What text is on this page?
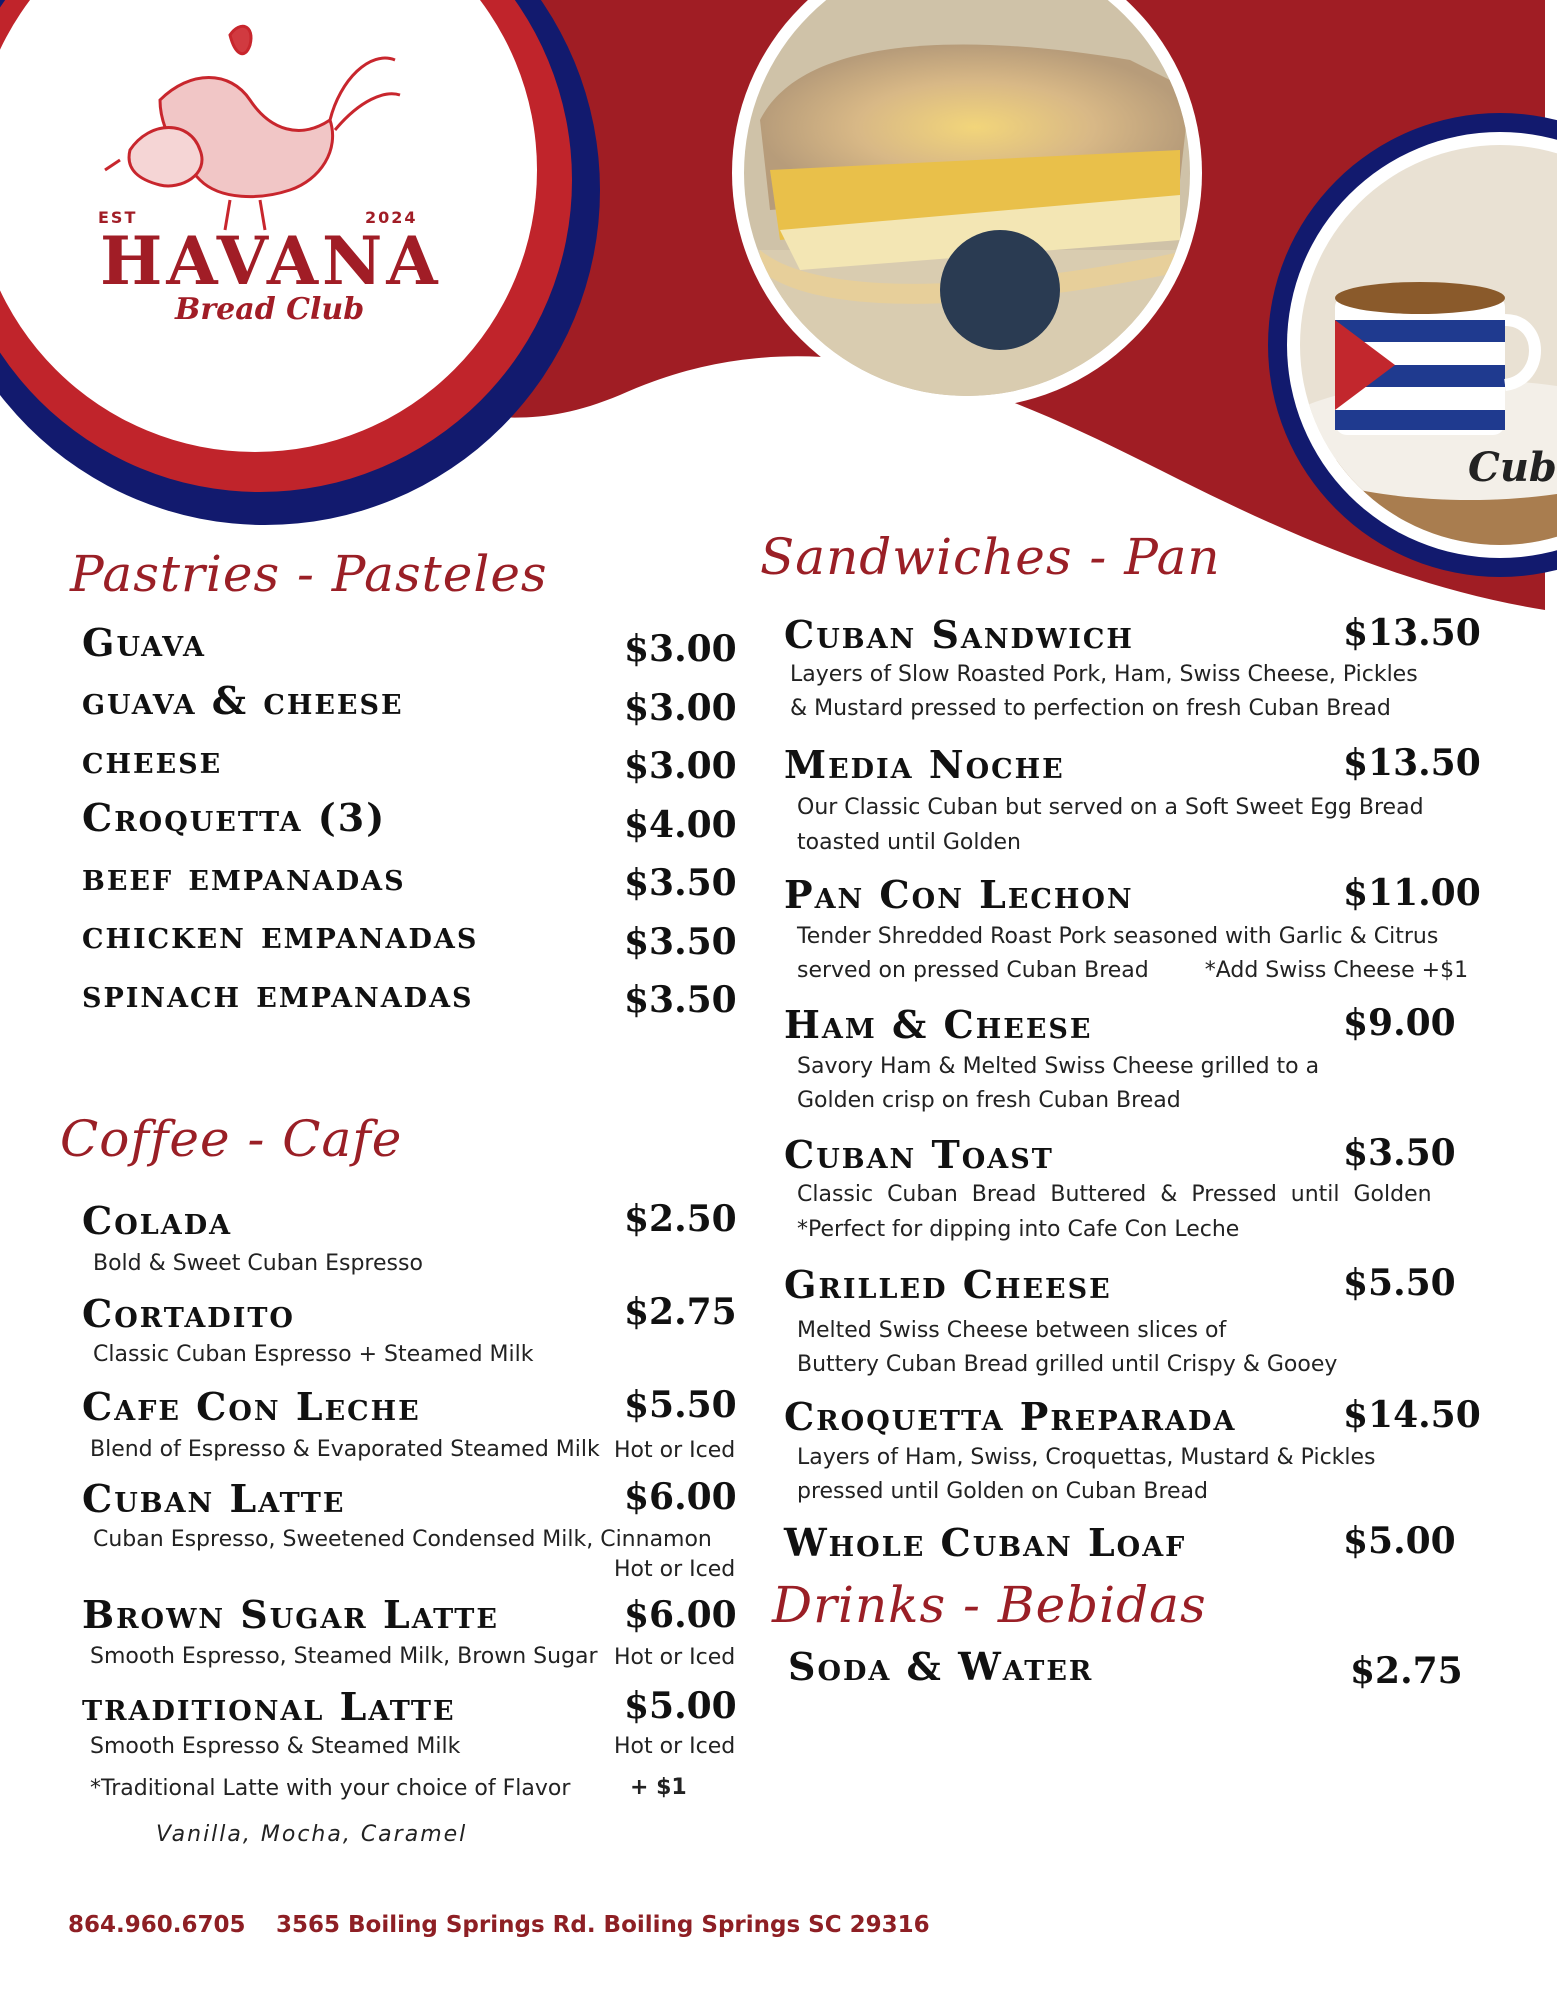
EST	2024
HAVANA
Bread Club
Pastries - Pasteles
Guava	$3.00
guava & cheese	$3.00
cheese	$3.00
Croquetta (3)	$4.00
beef empanadas	$3.50
chicken empanadas	$3.50
spinach empanadas	$3.50
Coffee - Cafe
Colada	$2.50
Bold & Sweet Cuban Espresso
Cortadito	$2.75
Classic Cuban Espresso + Steamed Milk
Cafe Con Leche	$5.50
Blend of Espresso & Evaporated Steamed Milk Hot or Iced
Cuban Latte	$6.00
Cuban Espresso, Sweetened Condensed Milk, Cinnamon
Hot or Iced
Brown Sugar Latte	$6.00
Smooth Espresso, Steamed Milk, Brown Sugar Hot or Iced
traditional Latte	$5.00
Smooth Espresso & Steamed Milk	Hot or Iced
*Traditional Latte with your choice of Flavor	+ $1
Vanilla, Mocha, Caramel
Sandwiches - Pan
Cuban Sandwich	$13.50
Layers of Slow Roasted Pork, Ham, Swiss Cheese, Pickles
& Mustard pressed to perfection on fresh Cuban Bread
Media Noche	$13.50
Our Classic Cuban but served on a Soft Sweet Egg Bread
toasted until Golden
Pan Con Lechon	$11.00
Tender Shredded Roast Pork seasoned with Garlic & Citrus
served on pressed Cuban Bread        *Add Swiss Cheese +$1
Ham & Cheese	$9.00
Savory Ham & Melted Swiss Cheese grilled to a
Golden crisp on fresh Cuban Bread
Cuban Toast	$3.50
Classic  Cuban  Bread  Buttered  &  Pressed  until  Golden
*Perfect for dipping into Cafe Con Leche
Grilled Cheese	$5.50
Melted Swiss Cheese between slices of
Buttery Cuban Bread grilled until Crispy & Gooey
Croquetta Preparada	$14.50
Layers of Ham, Swiss, Croquettas, Mustard & Pickles
pressed until Golden on Cuban Bread
Whole Cuban Loaf	$5.00
Drinks - Bebidas
Soda & Water	$2.75
864.960.6705 3565 Boiling Springs Rd. Boiling Springs SC 29316
Cub
